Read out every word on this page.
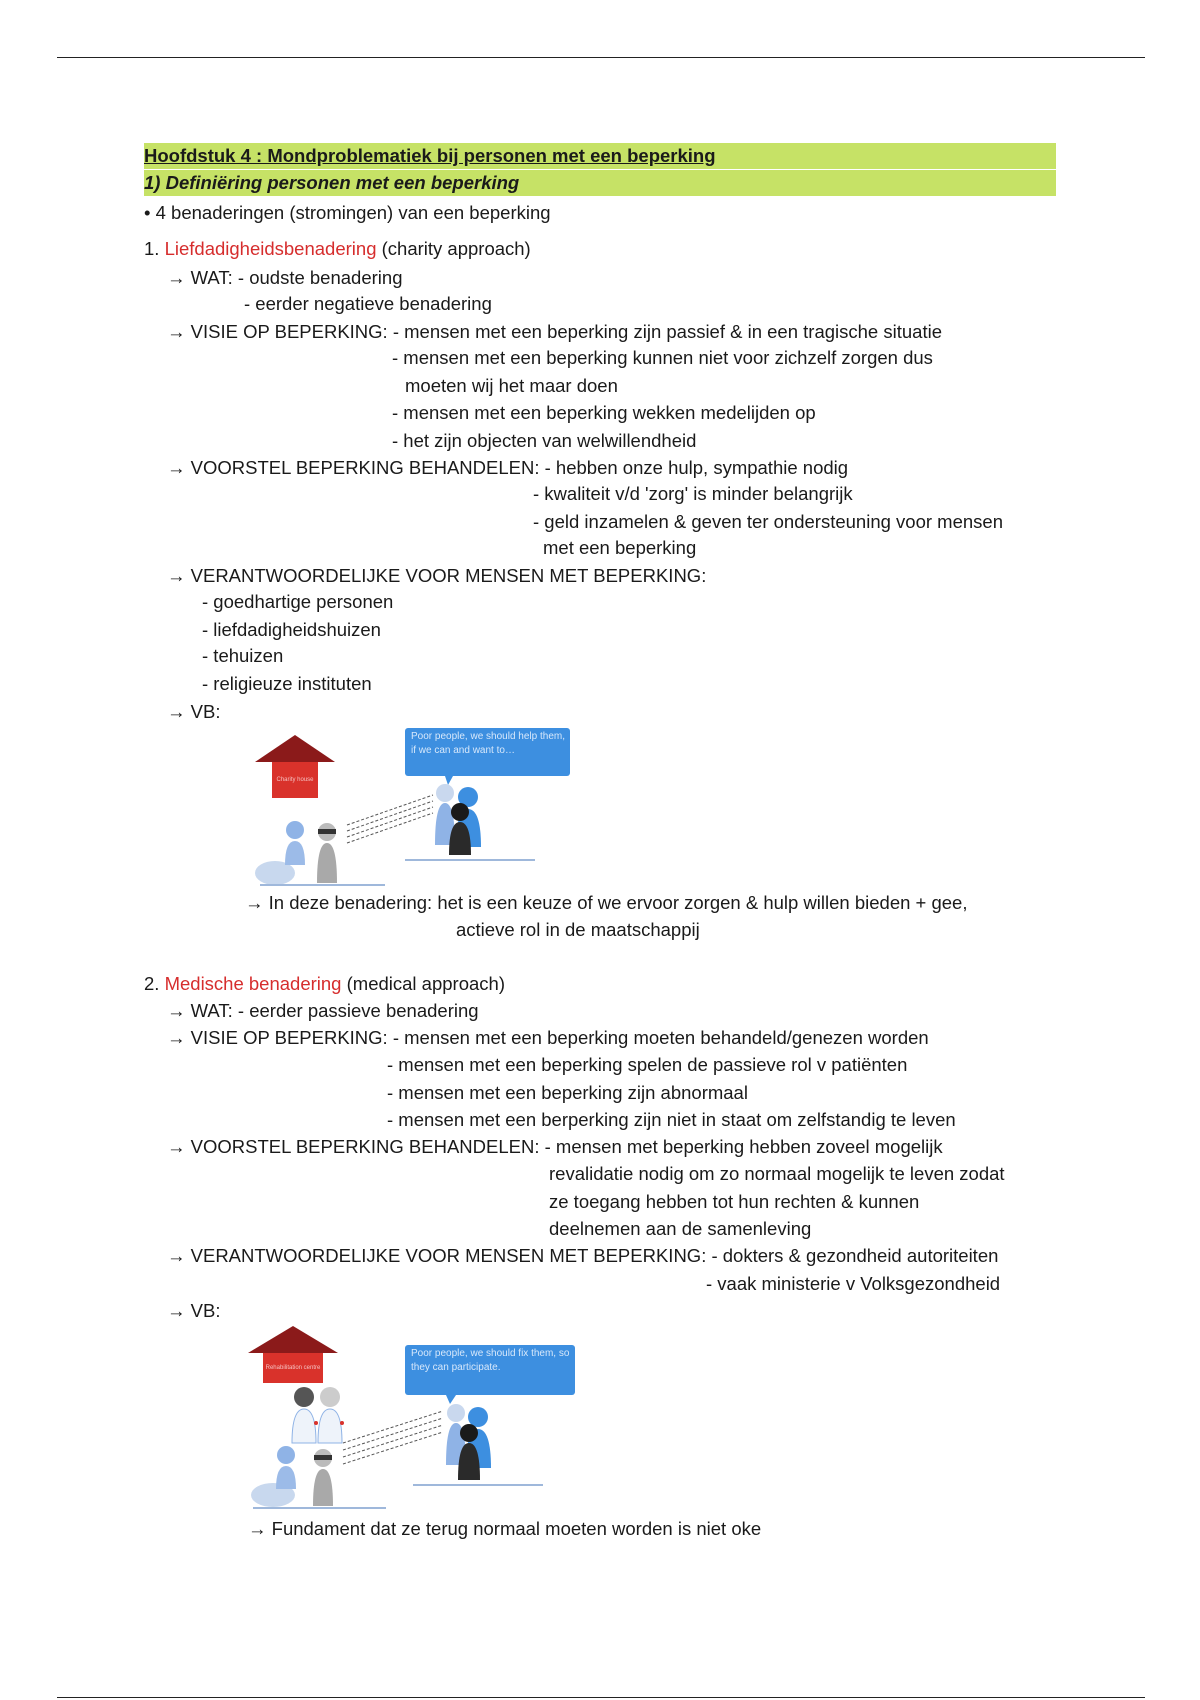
Hoofdstuk 4 : Mondproblematiek bij personen met een beperking
1) Definiëring personen met een beperking
• 4 benaderingen (stromingen) van een beperking
1. Liefdadigheidsbenadering (charity approach)
→ WAT: - oudste benadering
- eerder negatieve benadering
→ VISIE OP BEPERKING: - mensen met een beperking zijn passief & in een tragische situatie
- mensen met een beperking kunnen niet voor zichzelf zorgen dus
moeten wij het maar doen
- mensen met een beperking wekken medelijden op
- het zijn objecten van welwillendheid
→ VOORSTEL BEPERKING BEHANDELEN: - hebben onze hulp, sympathie nodig
- kwaliteit v/d 'zorg' is minder belangrijk
- geld inzamelen & geven ter ondersteuning voor mensen
met een beperking
→ VERANTWOORDELIJKE VOOR MENSEN MET BEPERKING:
- goedhartige personen
- liefdadigheidshuizen
- tehuizen
- religieuze instituten
→ VB:
Charity house
Poor people, we should help them, if we can and want to…
→ In deze benadering: het is een keuze of we ervoor zorgen & hulp willen bieden + gee,
actieve rol in de maatschappij
2. Medische benadering (medical approach)
→ WAT: - eerder passieve benadering
→ VISIE OP BEPERKING: - mensen met een beperking moeten behandeld/genezen worden
- mensen met een beperking spelen de passieve rol v patiënten
- mensen met een beperking zijn abnormaal
- mensen met een berperking zijn niet in staat om zelfstandig te leven
→ VOORSTEL BEPERKING BEHANDELEN: - mensen met beperking hebben zoveel mogelijk
revalidatie nodig om zo normaal mogelijk te leven zodat
ze toegang hebben tot hun rechten & kunnen
deelnemen aan de samenleving
→ VERANTWOORDELIJKE VOOR MENSEN MET BEPERKING: - dokters & gezondheid autoriteiten
- vaak ministerie v Volksgezondheid
→ VB:
Rehabilitation centre
Poor people, we should fix them, so they can participate.
→ Fundament dat ze terug normaal moeten worden is niet oke
